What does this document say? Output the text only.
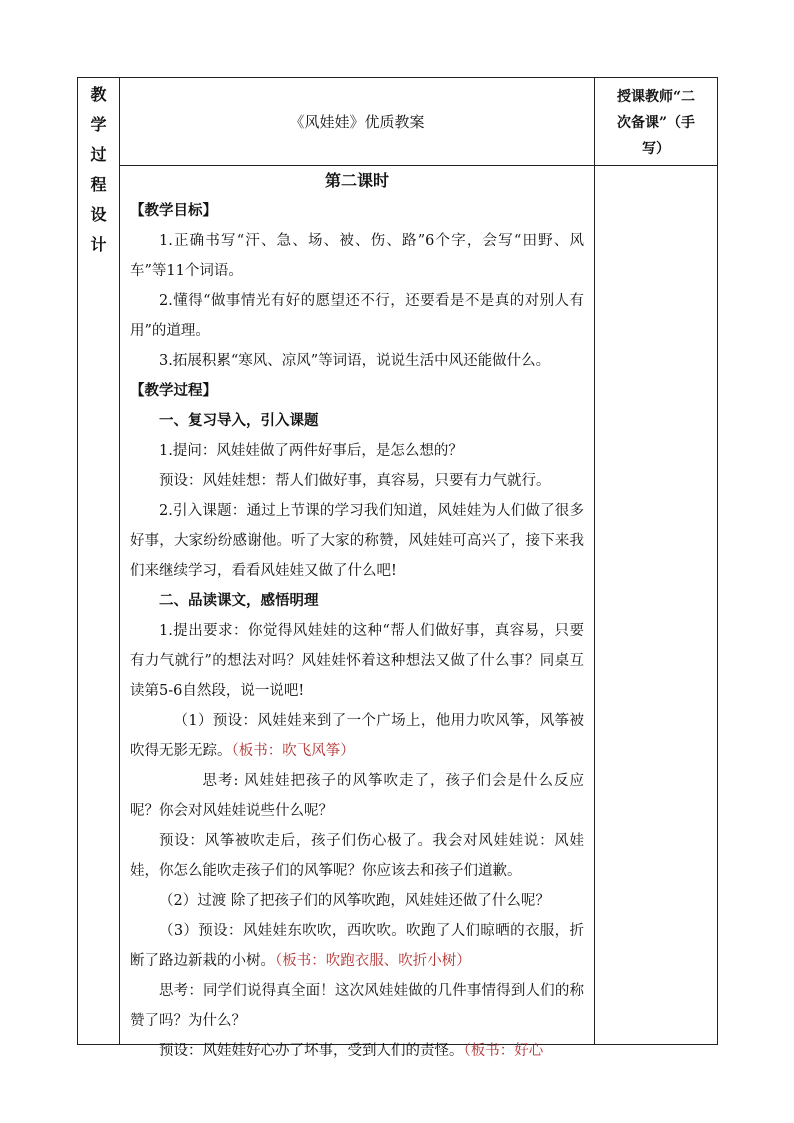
教
学
过
程
设
计
《风娃娃》优质教案
授课教师“二
次备课”（手
写）

第二课时

【教学目标】

1.正确书写“汗、急、场、被、伤、路”6个字，会写“田野、风车”等11个词语。

2.懂得“做事情光有好的愿望还不行，还要看是不是真的对别人有用”的道理。

3.拓展积累“寒风、凉风”等词语，说说生活中风还能做什么。

【教学过程】

一、复习导入，引入课题

1.提问：风娃娃做了两件好事后，是怎么想的？

预设：风娃娃想：帮人们做好事，真容易，只要有力气就行。

2.引入课题：通过上节课的学习我们知道，风娃娃为人们做了很多好事，大家纷纷感谢他。听了大家的称赞，风娃娃可高兴了，接下来我们来继续学习，看看风娃娃又做了什么吧!

二、品读课文，感悟明理

1.提出要求：你觉得风娃娃的这种“帮人们做好事，真容易，只要有力气就行”的想法对吗？风娃娃怀着这种想法又做了什么事？同桌互读第5-6自然段，说一说吧!

（1）预设：风娃娃来到了一个广场上，他用力吹风筝，风筝被吹得无影无踪。（板书：吹飞风筝）

思考: 风娃娃把孩子的风筝吹走了，孩子们会是什么反应呢？你会对风娃娃说些什么呢？

预设：风筝被吹走后，孩子们伤心极了。我会对风娃娃说：风娃娃，你怎么能吹走孩子们的风筝呢？你应该去和孩子们道歉。

（2）过渡 除了把孩子们的风筝吹跑，风娃娃还做了什么呢？

（3）预设：风娃娃东吹吹，西吹吹。吹跑了人们晾晒的衣服，折断了路边新栽的小树。（板书：吹跑衣服、吹折小树）

思考：同学们说得真全面！这次风娃娃做的几件事情得到人们的称赞了吗？为什么？

预设：风娃娃好心办了坏事，受到人们的责怪。（板书：好心
